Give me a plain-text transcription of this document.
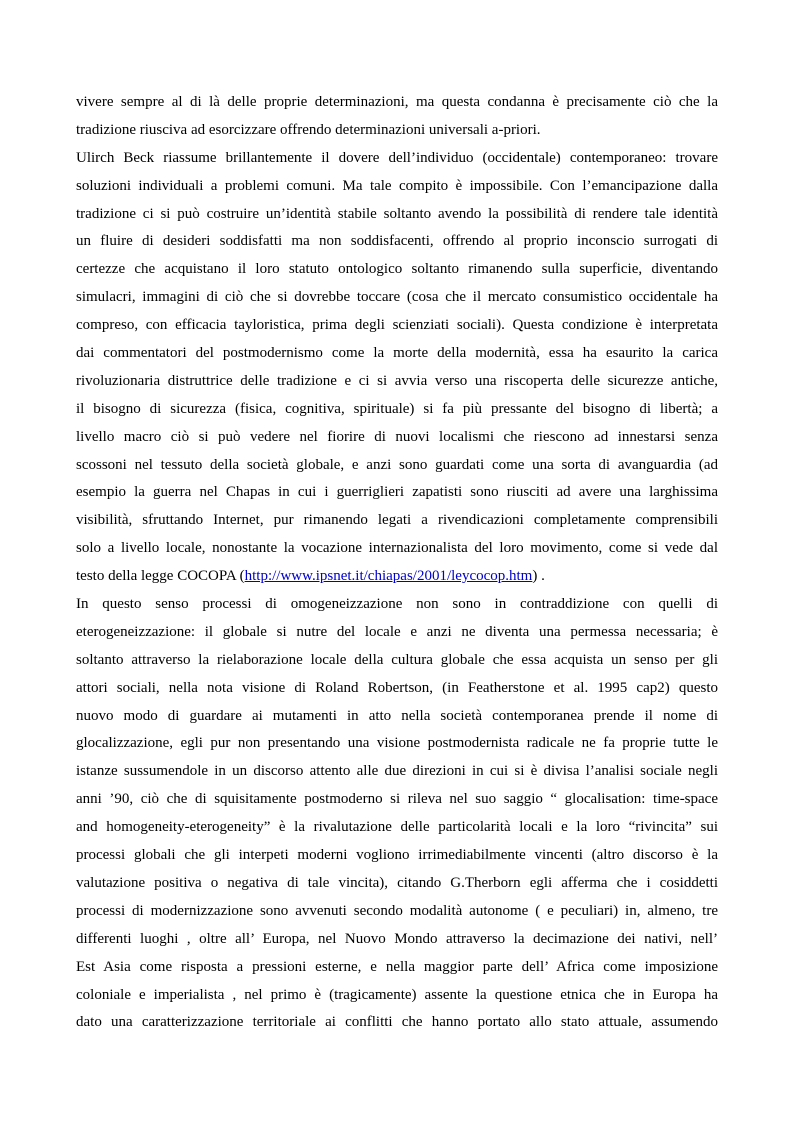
vivere sempre al di là delle proprie determinazioni, ma questa condanna è precisamente ciò che la
tradizione riusciva ad esorcizzare offrendo determinazioni universali a-priori.
Ulirch Beck riassume brillantemente il dovere dell’individuo (occidentale) contemporaneo: trovare
soluzioni individuali a problemi comuni. Ma tale compito è impossibile. Con l’emancipazione dalla
tradizione ci si può costruire un’identità stabile soltanto avendo la possibilità di rendere tale identità
un fluire di desideri soddisfatti ma non soddisfacenti, offrendo al proprio inconscio surrogati di
certezze che acquistano il loro statuto ontologico soltanto rimanendo sulla superficie, diventando
simulacri, immagini di ciò che si dovrebbe toccare (cosa che il mercato consumistico occidentale ha
compreso, con efficacia tayloristica, prima degli scienziati sociali). Questa condizione è interpretata
dai commentatori del postmodernismo come la morte della modernità, essa ha esaurito la carica
rivoluzionaria distruttrice delle tradizione e ci si avvia verso una riscoperta delle sicurezze antiche,
il bisogno di sicurezza (fisica, cognitiva, spirituale) si fa più pressante del bisogno di libertà; a
livello macro ciò si può vedere nel fiorire di nuovi localismi che riescono ad innestarsi senza
scossoni nel tessuto della società globale, e anzi sono guardati come una sorta di avanguardia (ad
esempio la guerra nel Chapas in cui i guerriglieri zapatisti sono riusciti ad avere una larghissima
visibilità, sfruttando Internet, pur rimanendo legati a rivendicazioni completamente comprensibili
solo a livello locale, nonostante la vocazione internazionalista del loro movimento, come si vede dal
testo della legge COCOPA (http://www.ipsnet.it/chiapas/2001/leycocop.htm) .
In questo senso processi di omogeneizzazione non sono in contraddizione con quelli di
eterogeneizzazione: il globale si nutre del locale e anzi ne diventa una permessa necessaria; è
soltanto attraverso la rielaborazione locale della cultura globale che essa acquista un senso per gli
attori sociali, nella nota visione di Roland Robertson, (in Featherstone et al. 1995 cap2) questo
nuovo modo di guardare ai mutamenti in atto nella società contemporanea prende il nome di
glocalizzazione, egli pur non presentando una visione postmodernista radicale ne fa proprie tutte le
istanze sussumendole in un discorso attento alle due direzioni in cui si è divisa l’analisi sociale negli
anni ’90, ciò che di squisitamente postmoderno si rileva nel suo saggio “ glocalisation: time-space
and homogeneity-eterogeneity” è la rivalutazione delle particolarità locali e la loro “rivincita” sui
processi globali che gli interpeti moderni vogliono irrimediabilmente vincenti (altro discorso è la
valutazione positiva o negativa di tale vincita), citando G.Therborn egli afferma che i cosiddetti
processi di modernizzazione sono avvenuti secondo modalità autonome ( e peculiari) in, almeno, tre
differenti luoghi , oltre all’ Europa, nel Nuovo Mondo attraverso la decimazione dei nativi, nell’
Est Asia come risposta a pressioni esterne, e nella maggior parte dell’ Africa come imposizione
coloniale e imperialista , nel primo è (tragicamente) assente la questione etnica che in Europa ha
dato una caratterizzazione territoriale ai conflitti che hanno portato allo stato attuale, assumendo
